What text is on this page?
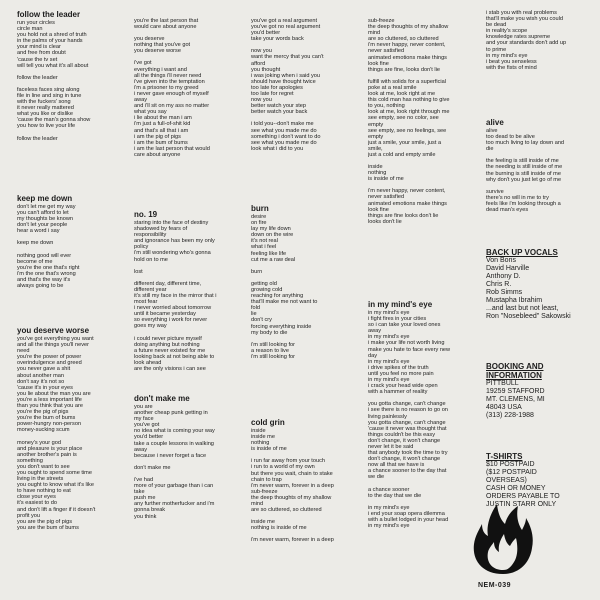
follow the leader
run your circles
circle man
you hold not a shred of truth
in the palms of your hands
your mind is clear
and free from doubt
'cause the tv set
will tell you what it's all about
follow the leader
faceless faces sing along
file in line and sing in tune
with the fuckers' song
it never really mattered
what you like or dislike
'cause the man's gonna show
you how to live your life
follow the leader
keep me down
don't let me get my way
you can't afford to let
my thoughts be known
don't let your people
hear a word i say
keep me down
nothing good will ever
become of me
you're the one that's right
i'm the one that's wrong
and that's the way it's
always going to be
you deserve worse
you've got everything you want
and all the things you'll never
need
you're the power of power
overindulgence and greed
you never gave a shit
about another man
don't say it's not so
'cause it's in your eyes
you lie about the man you are
you're a less important life
than you think that you are
you're the pig of pigs
you're the bum of bums
power-hungry non-person
money-sucking scum
money's your god
and pleasure is your place
another brother's pain is
something
you don't want to see
you ought to spend some time
living in the streets
you ought to know what it's like
to have nothing to eat
close your eyes
it's easiest to do
and don't lift a finger if it doesn't
profit you
you are the pig of pigs
you are the bum of bums
you're the last person that
would care about anyone
you deserve
nothing that you've got
you deserve worse
i've got
everything i want and
all the things i'll never need
i've given into the temptation
i'm a prisoner to my greed
i never gave enough of myself
away
and i'll sit on my ass no matter
what you say
i lie about the man i am
i'm just a full-of-shit kid
and that's all that i am
i am the pig of pigs
i am the bum of bums
i am the last person that would
care about anyone
no. 19
staring into the face of destiny
shadowed by fears of
responsibility
and ignorance has been my only
policy
i'm still wondering who's gonna
hold on to me
lost
different day, different time,
different year
it's still my face in the mirror that i
most fear
i never worried about tomorrow
until it became yesterday
so everything i work for never
goes my way
i could never picture myself
doing anything but nothing
a future never existed for me
looking back at not being able to
look ahead
are the only visions i can see
don't make me
you are
another cheap punk getting in
my face
you've got
no idea what is coming your way
you'd better
take a couple lessons in walking
away
because i never forget a face
don't make me
i've had
more of your garbage than i can
take
push me
any further motherfucker and i'm
gonna break
you think
you've got a real argument
you've got no real argument
you'd better
take your words back
now you
want the mercy that you can't
afford
you thought
i was joking when i said you
should have thought twice
too late for apologies
too late for regret
now you
better watch your step
better watch your back
i told you--don't make me
see what you made me do
something i don't want to do
see what you made me do
look what i did to you
burn
desire
on fire
lay my life down
down on the wire
it's not real
what i feel
feeling like life
cut me a raw deal
burn
getting old
growing cold
reaching for anything
that'll make me not want to
fold
lie
don't cry
forcing everything inside
my body to die
i'm still looking for
a reason to live
i'm still looking for
cold grin
inside
inside me
nothing
is inside of me
i run far away from your touch
i run to a world of my own
but there you wait, chain to stake
chain to trap
i'm never warm, forever in a deep
sub-freeze
the deep thoughts of my shallow
mind
are so cluttered, so cluttered
inside me
nothing is inside of me
i'm never warm, forever in a deep
sub-freeze
the deep thoughts of my shallow
mind
are so cluttered, so cluttered
i'm never happy, never content,
never satisfied
animated emotions make things
look fine
things are fine, looks don't lie
fulfill with solids for a superficial
poke at a real smile
look at me, look right at me
this cold man has nothing to give
to you, nothing
look at me, look right through me
see empty, see no color, see
empty
see empty, see no feelings, see
empty
just a smile, your smile, just a
smile,
just a cold and empty smile
inside
nothing
is inside of me
i'm never happy, never content,
never satisfied
animated emotions make things
look fine
things are fine looks don't lie
looks don't lie
in my mind's eye
in my mind's eye
i fight fires in your cities
so i can take your loved ones
away
in my mind's eye
i make your life not worth living
make you hate to face every new
day
in my mind's eye
i drive spikes of the truth
until you feel no more pain
in my mind's eye
i crack your head wide open
with a hammer of reality
you gotta change, can't change
i see there is no reason to go on
living painlessly
you gotta change, can't change
'cause it never was thought that
things couldn't be this easy
don't change, it won't change
never let it be said
that anybody took the time to try
don't change, it won't change
now all that we have is
a chance sooner to the day that
we die
a chance sooner
to the day that we die
in my mind's eye
i end your soap opera dilemma
with a bullet lodged in your head
in my mind's eye
i stab you with real problems
that'll make you wish you could
be dead
in reality's scope
knowledge rates supreme
and your standards don't add up
to prime
in my mind's eye
i beat you senseless
with the fists of mind
alive
alive
too dead to be alive
too much living to lay down and
die
the feeling is still inside of me
the needing is still inside of me
the burning is still inside of me
why don't you just let go of me
survive
there's no will in me to try
feels like i'm looking through a
dead man's eyes
BACK UP VOCALS
Von Boris
David Harville
Anthony D.
Chris R.
Rob Simms
Mustapha Ibrahim
...and last but not least,
Ron "Nosebleed" Sakowski
BOOKING AND
INFORMATION
PITTBULL
19259 STAFFORD
MT. CLEMENS, MI
48043 USA
(313) 228-1988
T-SHIRTS
$10 POSTPAID
($12 POSTPAID
OVERSEAS)
CASH OR MONEY
ORDERS PAYABLE TO
JUSTIN STARR ONLY
NEM-039
